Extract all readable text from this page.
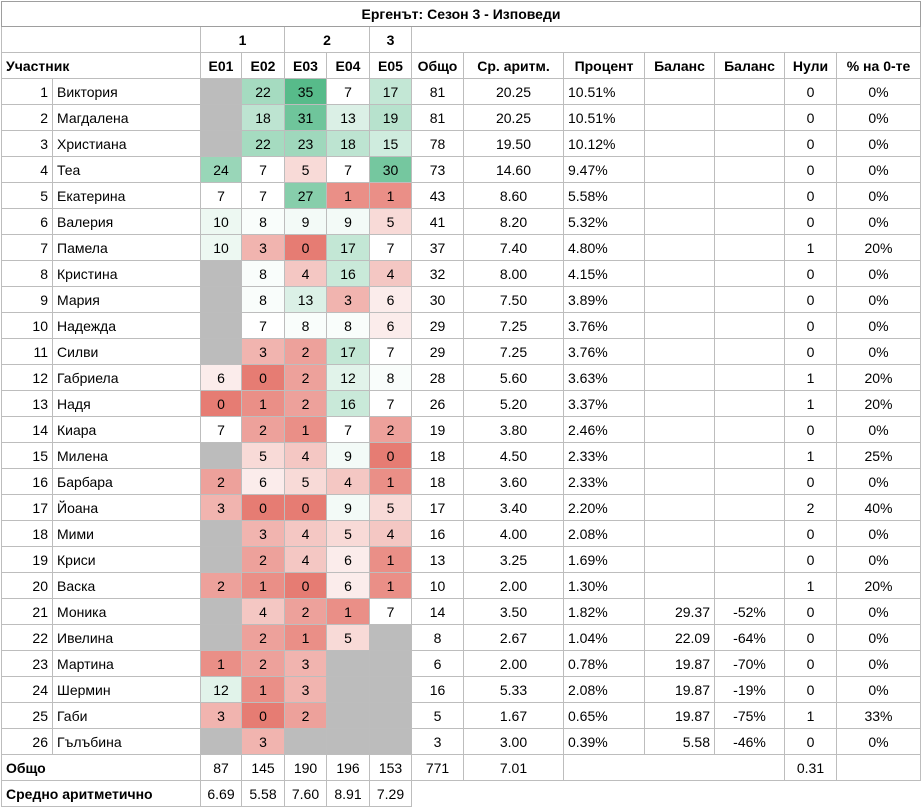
Ергенът: Сезон 3 - Изповеди													
		1		2		3							
Участник		E01	E02	E03	E04	E05	Общо	Ср. аритм.	Процент	Баланс	Баланс	Нули	% на 0-те
1	Виктория		22	35	7	17	81	20.25	10.51%			0	0%
2	Магдалена		18	31	13	19	81	20.25	10.51%			0	0%
3	Христиана		22	23	18	15	78	19.50	10.12%			0	0%
4	Теа	24	7	5	7	30	73	14.60	9.47%			0	0%
5	Екатерина	7	7	27	1	1	43	8.60	5.58%			0	0%
6	Валерия	10	8	9	9	5	41	8.20	5.32%			0	0%
7	Памела	10	3	0	17	7	37	7.40	4.80%			1	20%
8	Кристина		8	4	16	4	32	8.00	4.15%			0	0%
9	Мария		8	13	3	6	30	7.50	3.89%			0	0%
10	Надежда		7	8	8	6	29	7.25	3.76%			0	0%
11	Силви		3	2	17	7	29	7.25	3.76%			0	0%
12	Габриела	6	0	2	12	8	28	5.60	3.63%			1	20%
13	Надя	0	1	2	16	7	26	5.20	3.37%			1	20%
14	Киара	7	2	1	7	2	19	3.80	2.46%			0	0%
15	Милена		5	4	9	0	18	4.50	2.33%			1	25%
16	Барбара	2	6	5	4	1	18	3.60	2.33%			0	0%
17	Йоана	3	0	0	9	5	17	3.40	2.20%			2	40%
18	Мими		3	4	5	4	16	4.00	2.08%			0	0%
19	Криси		2	4	6	1	13	3.25	1.69%			0	0%
20	Васка	2	1	0	6	1	10	2.00	1.30%			1	20%
21	Моника		4	2	1	7	14	3.50	1.82%	29.37	-52%	0	0%
22	Ивелина		2	1	5		8	2.67	1.04%	22.09	-64%	0	0%
23	Мартина	1	2	3			6	2.00	0.78%	19.87	-70%	0	0%
24	Шермин	12	1	3			16	5.33	2.08%	19.87	-19%	0	0%
25	Габи	3	0	2			5	1.67	0.65%	19.87	-75%	1	33%
26	Гълъбина		3				3	3.00	0.39%	5.58	-46%	0	0%
Общо		87	145	190	196	153	771	7.01				0.31	
Средно аритметично		6.69	5.58	7.60	8.91	7.29							
